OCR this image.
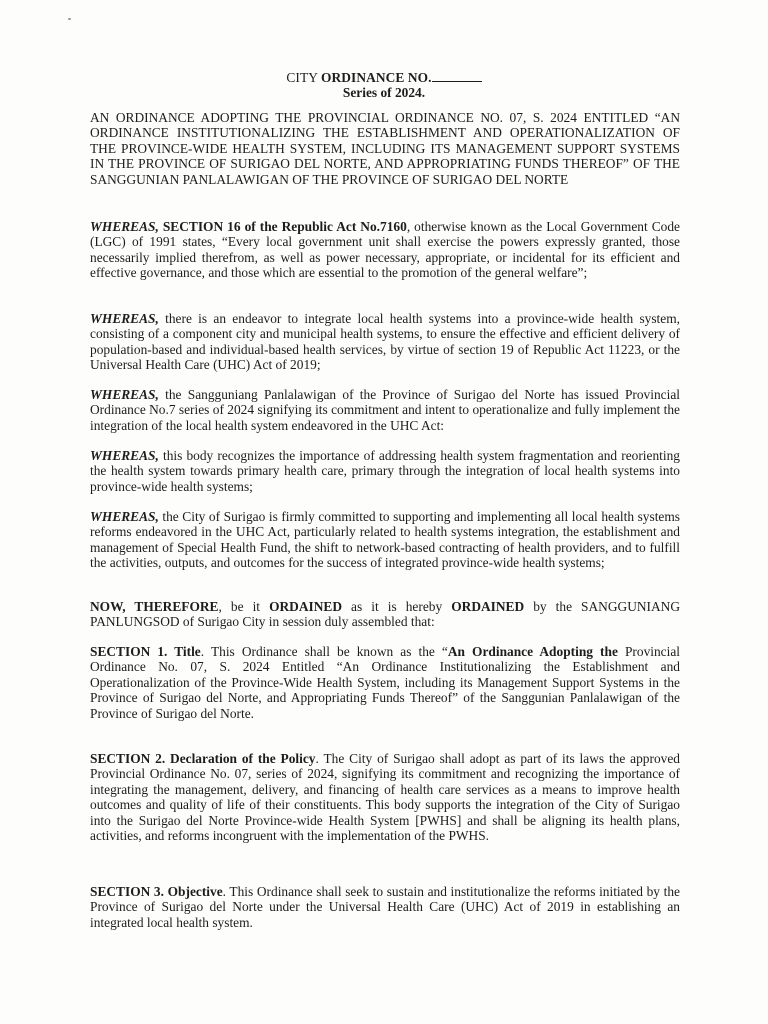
CITY ORDINANCE NO.
Series of 2024.

AN ORDINANCE ADOPTING THE PROVINCIAL ORDINANCE NO. 07, S. 2024 ENTITLED “AN ORDINANCE INSTITUTIONALIZING THE ESTABLISHMENT AND OPERATIONALIZATION OF THE PROVINCE-WIDE HEALTH SYSTEM, INCLUDING ITS MANAGEMENT SUPPORT SYSTEMS IN THE PROVINCE OF SURIGAO DEL NORTE, AND APPROPRIATING FUNDS THEREOF” OF THE SANGGUNIAN PANLALAWIGAN OF THE PROVINCE OF SURIGAO DEL NORTE

WHEREAS, SECTION 16 of the Republic Act No.7160, otherwise known as the Local Government Code (LGC) of 1991 states, “Every local government unit shall exercise the powers expressly granted, those necessarily implied therefrom, as well as power necessary, appropriate, or incidental for its efficient and effective governance, and those which are essential to the promotion of the general welfare”;

WHEREAS, there is an endeavor to integrate local health systems into a province-wide health system, consisting of a component city and municipal health systems, to ensure the effective and efficient delivery of population-based and individual-based health services, by virtue of section 19 of Republic Act 11223, or the Universal Health Care (UHC) Act of 2019;

WHEREAS, the Sangguniang Panlalawigan of the Province of Surigao del Norte has issued Provincial Ordinance No.7 series of 2024 signifying its commitment and intent to operationalize and fully implement the integration of the local health system endeavored in the UHC Act:

WHEREAS, this body recognizes the importance of addressing health system fragmentation and reorienting the health system towards primary health care, primary through the integration of local health systems into province-wide health systems;

WHEREAS, the City of Surigao is firmly committed to supporting and implementing all local health systems reforms endeavored in the UHC Act, particularly related to health systems integration, the establishment and management of Special Health Fund, the shift to network-based contracting of health providers, and to fulfill the activities, outputs, and outcomes for the success of integrated province-wide health systems;

NOW, THEREFORE, be it ORDAINED as it is hereby ORDAINED by the SANGGUNIANG PANLUNGSOD of Surigao City in session duly assembled that:

SECTION 1. Title. This Ordinance shall be known as the “An Ordinance Adopting the Provincial Ordinance No. 07, S. 2024 Entitled “An Ordinance Institutionalizing the Establishment and Operationalization of the Province-Wide Health System, including its Management Support Systems in the Province of Surigao del Norte, and Appropriating Funds Thereof” of the Sanggunian Panlalawigan of the Province of Surigao del Norte.

SECTION 2. Declaration of the Policy. The City of Surigao shall adopt as part of its laws the approved Provincial Ordinance No. 07, series of 2024, signifying its commitment and recognizing the importance of integrating the management, delivery, and financing of health care services as a means to improve health outcomes and quality of life of their constituents. This body supports the integration of the City of Surigao into the Surigao del Norte Province-wide Health System [PWHS] and shall be aligning its health plans, activities, and reforms incongruent with the implementation of the PWHS.

SECTION 3. Objective. This Ordinance shall seek to sustain and institutionalize the reforms initiated by the Province of Surigao del Norte under the Universal Health Care (UHC) Act of 2019 in establishing an integrated local health system.
